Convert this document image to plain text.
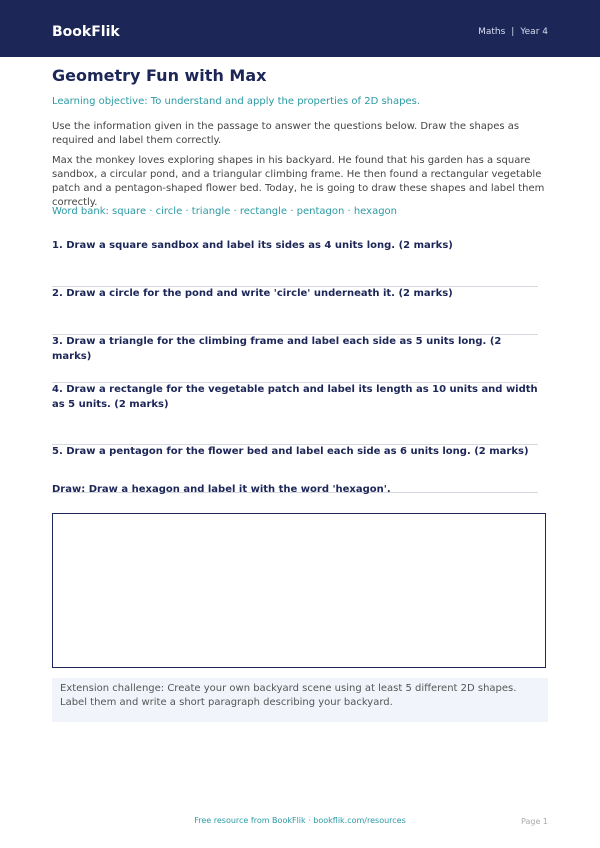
BookFlik	Maths | Year 4
Geometry Fun with Max
Learning objective: To understand and apply the properties of 2D shapes.
Use the information given in the passage to answer the questions below. Draw the shapes as required and label them correctly.
Max the monkey loves exploring shapes in his backyard. He found that his garden has a square sandbox, a circular pond, and a triangular climbing frame. He then found a rectangular vegetable patch and a pentagon-shaped flower bed. Today, he is going to draw these shapes and label them correctly.
Word bank: square · circle · triangle · rectangle · pentagon · hexagon
1. Draw a square sandbox and label its sides as 4 units long. (2 marks)
2. Draw a circle for the pond and write 'circle' underneath it. (2 marks)
3. Draw a triangle for the climbing frame and label each side as 5 units long. (2 marks)
4. Draw a rectangle for the vegetable patch and label its length as 10 units and width as 5 units. (2 marks)
5. Draw a pentagon for the flower bed and label each side as 6 units long. (2 marks)
Draw: Draw a hexagon and label it with the word 'hexagon'.
Extension challenge: Create your own backyard scene using at least 5 different 2D shapes. Label them and write a short paragraph describing your backyard.
Free resource from BookFlik · bookflik.com/resources	Page 1
